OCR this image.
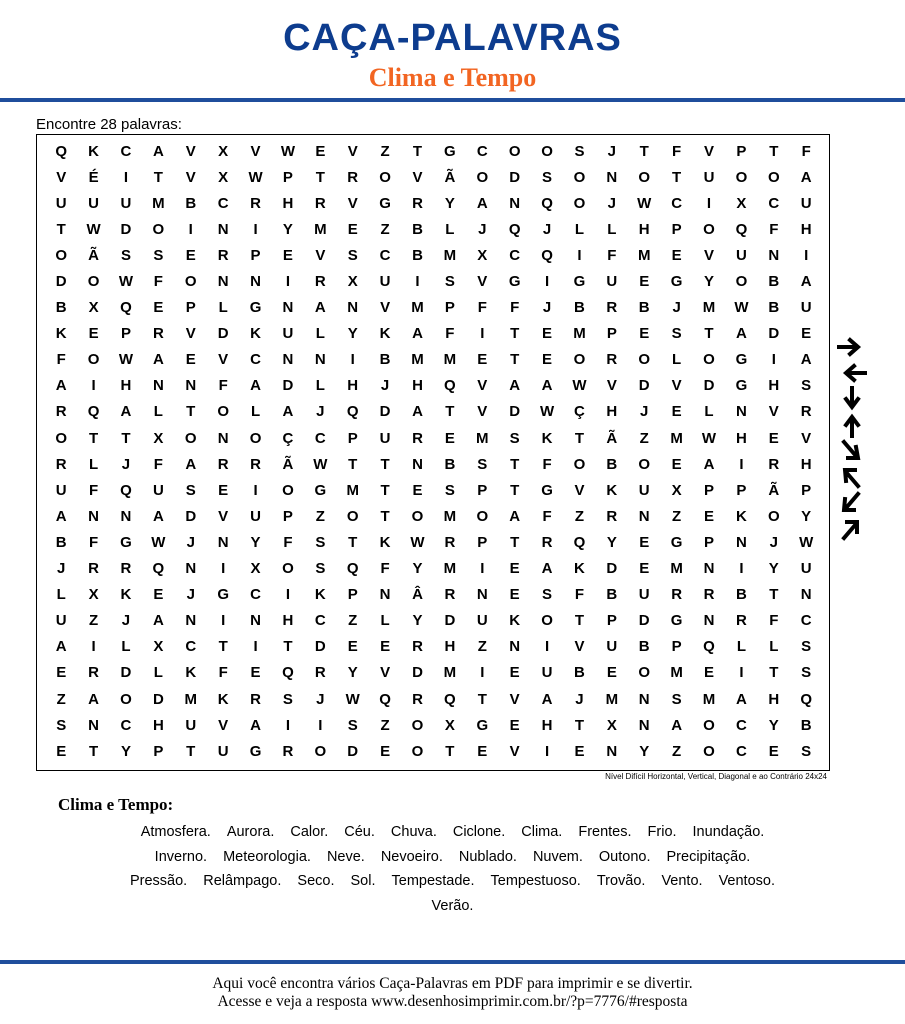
CAÇA-PALAVRAS
Clima e Tempo
Encontre 28 palavras:
Q	K	C	A	V	X	V	W	E	V	Z	T	G	C	O	O	S	J	T	F	V	P	T	F
V	É	I	T	V	X	W	P	T	R	O	V	Ã	O	D	S	O	N	O	T	U	O	O	A
U	U	U	M	B	C	R	H	R	V	G	R	Y	A	N	Q	O	J	W	C	I	X	C	U
T	W	D	O	I	N	I	Y	M	E	Z	B	L	J	Q	J	L	L	H	P	O	Q	F	H
O	Ã	S	S	E	R	P	E	V	S	C	B	M	X	C	Q	I	F	M	E	V	U	N	I
D	O	W	F	O	N	N	I	R	X	U	I	S	V	G	I	G	U	E	G	Y	O	B	A
B	X	Q	E	P	L	G	N	A	N	V	M	P	F	F	J	B	R	B	J	M	W	B	U
K	E	P	R	V	D	K	U	L	Y	K	A	F	I	T	E	M	P	E	S	T	A	D	E
F	O	W	A	E	V	C	N	N	I	B	M	M	E	T	E	O	R	O	L	O	G	I	A
A	I	H	N	N	F	A	D	L	H	J	H	Q	V	A	A	W	V	D	V	D	G	H	S
R	Q	A	L	T	O	L	A	J	Q	D	A	T	V	D	W	Ç	H	J	E	L	N	V	R
O	T	T	X	O	N	O	Ç	C	P	U	R	E	M	S	K	T	Ã	Z	M	W	H	E	V
R	L	J	F	A	R	R	Ã	W	T	T	N	B	S	T	F	O	B	O	E	A	I	R	H
U	F	Q	U	S	E	I	O	G	M	T	E	S	P	T	G	V	K	U	X	P	P	Ã	P
A	N	N	A	D	V	U	P	Z	O	T	O	M	O	A	F	Z	R	N	Z	E	K	O	Y
B	F	G	W	J	N	Y	F	S	T	K	W	R	P	T	R	Q	Y	E	G	P	N	J	W
J	R	R	Q	N	I	X	O	S	Q	F	Y	M	I	E	A	K	D	E	M	N	I	Y	U
L	X	K	E	J	G	C	I	K	P	N	Â	R	N	E	S	F	B	U	R	R	B	T	N
U	Z	J	A	N	I	N	H	C	Z	L	Y	D	U	K	O	T	P	D	G	N	R	F	C
A	I	L	X	C	T	I	T	D	E	E	R	H	Z	N	I	V	U	B	P	Q	L	L	S
E	R	D	L	K	F	E	Q	R	Y	V	D	M	I	E	U	B	E	O	M	E	I	T	S
Z	A	O	D	M	K	R	S	J	W	Q	R	Q	T	V	A	J	M	N	S	M	A	H	Q
S	N	C	H	U	V	A	I	I	S	Z	O	X	G	E	H	T	X	N	A	O	C	Y	B
E	T	Y	P	T	U	G	R	O	D	E	O	T	E	V	I	E	N	Y	Z	O	C	E	S
Nível Difícil Horizontal, Vertical, Diagonal e ao Contrário 24x24
Clima e Tempo:
Atmosfera. Aurora. Calor. Céu. Chuva. Ciclone. Clima. Frentes. Frio. Inundação.
Inverno. Meteorologia. Neve. Nevoeiro. Nublado. Nuvem. Outono. Precipitação.
Pressão. Relâmpago. Seco. Sol. Tempestade. Tempestuoso. Trovão. Vento. Ventoso.
Verão.
Aqui você encontra vários Caça-Palavras em PDF para imprimir e se divertir.
Acesse e veja a resposta www.desenhosimprimir.com.br/?p=7776/#resposta
